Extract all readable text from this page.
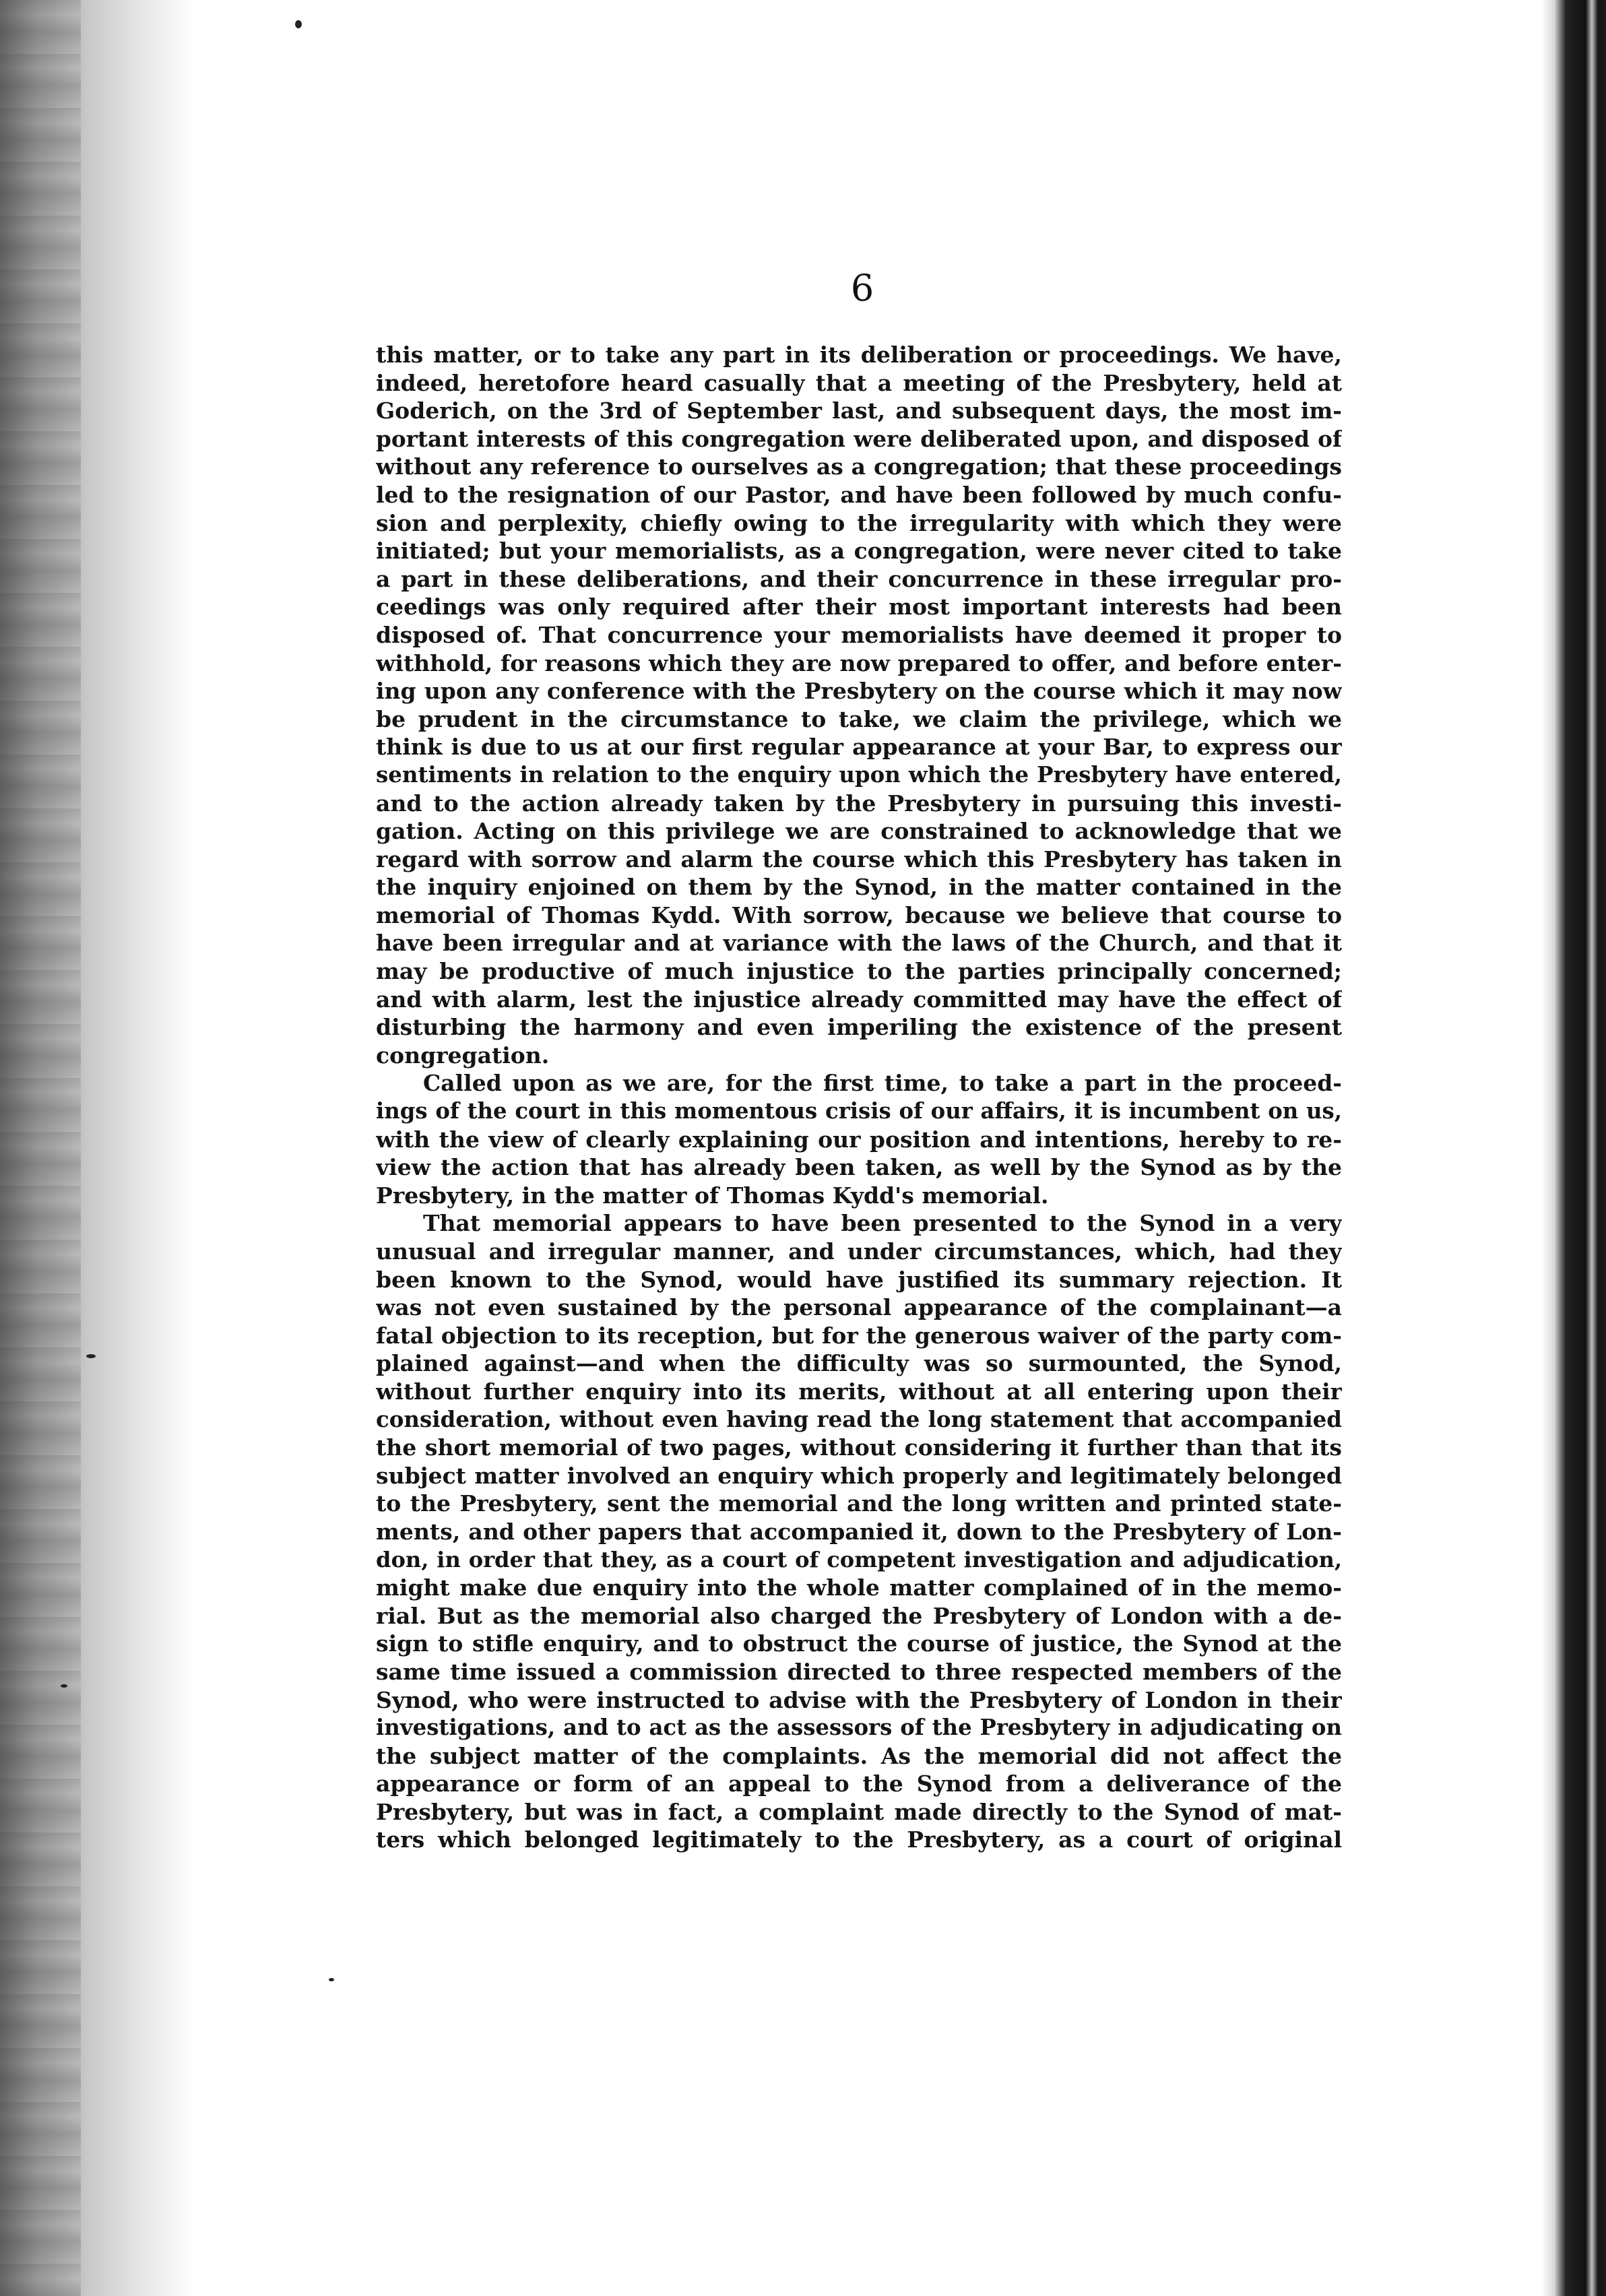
6
this matter, or to take any part in its deliberation or proceedings. We have,
indeed, heretofore heard casually that a meeting of the Presbytery, held at
Goderich, on the 3rd of September last, and subsequent days, the most im-
portant interests of this congregation were deliberated upon, and disposed of
without any reference to ourselves as a congregation; that these proceedings
led to the resignation of our Pastor, and have been followed by much confu-
sion and perplexity, chiefly owing to the irregularity with which they were
initiated; but your memorialists, as a congregation, were never cited to take
a part in these deliberations, and their concurrence in these irregular pro-
ceedings was only required after their most important interests had been
disposed of. That concurrence your memorialists have deemed it proper to
withhold, for reasons which they are now prepared to offer, and before enter-
ing upon any conference with the Presbytery on the course which it may now
be prudent in the circumstance to take, we claim the privilege, which we
think is due to us at our first regular appearance at your Bar, to express our
sentiments in relation to the enquiry upon which the Presbytery have entered,
and to the action already taken by the Presbytery in pursuing this investi-
gation. Acting on this privilege we are constrained to acknowledge that we
regard with sorrow and alarm the course which this Presbytery has taken in
the inquiry enjoined on them by the Synod, in the matter contained in the
memorial of Thomas Kydd. With sorrow, because we believe that course to
have been irregular and at variance with the laws of the Church, and that it
may be productive of much injustice to the parties principally concerned;
and with alarm, lest the injustice already committed may have the effect of
disturbing the harmony and even imperiling the existence of the present
congregation.
Called upon as we are, for the first time, to take a part in the proceed-
ings of the court in this momentous crisis of our affairs, it is incumbent on us,
with the view of clearly explaining our position and intentions, hereby to re-
view the action that has already been taken, as well by the Synod as by the
Presbytery, in the matter of Thomas Kydd's memorial.
That memorial appears to have been presented to the Synod in a very
unusual and irregular manner, and under circumstances, which, had they
been known to the Synod, would have justified its summary rejection. It
was not even sustained by the personal appearance of the complainant—a
fatal objection to its reception, but for the generous waiver of the party com-
plained against—and when the difficulty was so surmounted, the Synod,
without further enquiry into its merits, without at all entering upon their
consideration, without even having read the long statement that accompanied
the short memorial of two pages, without considering it further than that its
subject matter involved an enquiry which properly and legitimately belonged
to the Presbytery, sent the memorial and the long written and printed state-
ments, and other papers that accompanied it, down to the Presbytery of Lon-
don, in order that they, as a court of competent investigation and adjudication,
might make due enquiry into the whole matter complained of in the memo-
rial. But as the memorial also charged the Presbytery of London with a de-
sign to stifle enquiry, and to obstruct the course of justice, the Synod at the
same time issued a commission directed to three respected members of the
Synod, who were instructed to advise with the Presbytery of London in their
investigations, and to act as the assessors of the Presbytery in adjudicating on
the subject matter of the complaints. As the memorial did not affect the
appearance or form of an appeal to the Synod from a deliverance of the
Presbytery, but was in fact, a complaint made directly to the Synod of mat-
ters which belonged legitimately to the Presbytery, as a court of original
